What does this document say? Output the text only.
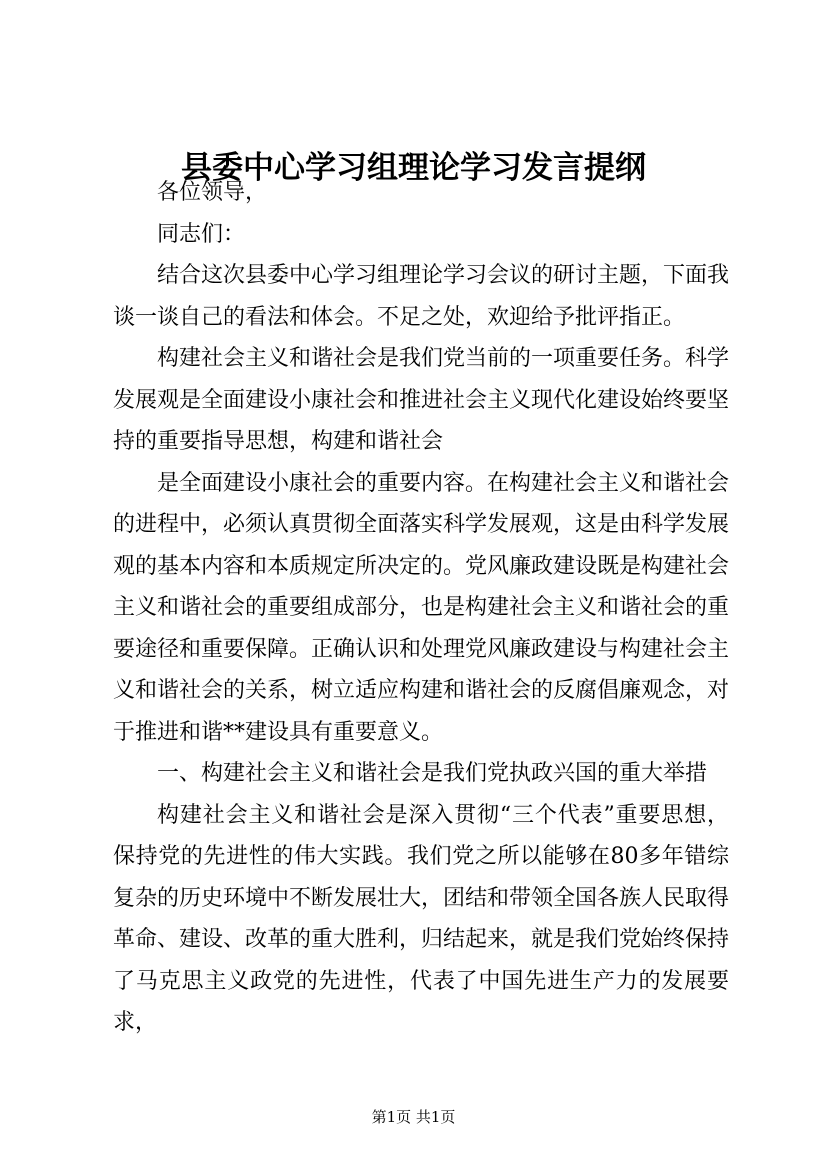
县委中心学习组理论学习发言提纲

各位领导，

同志们：

结合这次县委中心学习组理论学习会议的研讨主题，下面我谈一谈自己的看法和体会。不足之处，欢迎给予批评指正。

构建社会主义和谐社会是我们党当前的一项重要任务。科学发展观是全面建设小康社会和推进社会主义现代化建设始终要坚持的重要指导思想，构建和谐社会

是全面建设小康社会的重要内容。在构建社会主义和谐社会的进程中，必须认真贯彻全面落实科学发展观，这是由科学发展观的基本内容和本质规定所决定的。党风廉政建设既是构建社会主义和谐社会的重要组成部分，也是构建社会主义和谐社会的重要途径和重要保障。正确认识和处理党风廉政建设与构建社会主义和谐社会的关系，树立适应构建和谐社会的反腐倡廉观念，对于推进和谐**建设具有重要意义。

一、构建社会主义和谐社会是我们党执政兴国的重大举措

构建社会主义和谐社会是深入贯彻“三个代表”重要思想，保持党的先进性的伟大实践。我们党之所以能够在80多年错综复杂的历史环境中不断发展壮大，团结和带领全国各族人民取得革命、建设、改革的重大胜利，归结起来，就是我们党始终保持了马克思主义政党的先进性，代表了中国先进生产力的发展要求，

第1页 共1页
